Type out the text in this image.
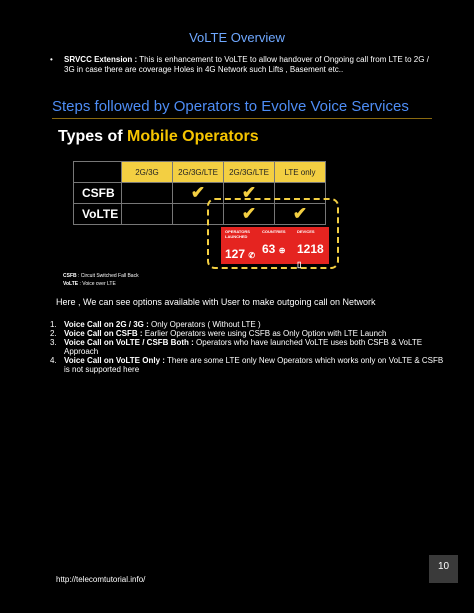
VoLTE Overview
• SRVCC Extension : This is enhancement to VoLTE to allow handover of Ongoing call from LTE to 2G / 3G in case there are coverage Holes in 4G Network such Lifts , Basement etc..
Steps followed by Operators to Evolve Voice Services
Types of Mobile Operators
	2G/3G	2G/3G/LTE	2G/3G/LTE	LTE only
CSFB		✔	✔	
VoLTE			✔	✔
OPERATORS LAUNCHED
127 ✆
COUNTRIES
63 ⊕
DEVICES
1218 ▯
CSFB : Circuit Switched Fall Back
VoLTE : Voice over LTE
Here , We can see options available with User to make outgoing call on Network
1. Voice Call on 2G / 3G : Only Operators ( Without LTE )
2. Voice Call on CSFB : Earlier Operators were using CSFB as Only Option with LTE Launch
3. Voice Call on VoLTE / CSFB Both : Operators who have launched VoLTE uses both CSFB & VoLTE Approach
4. Voice Call on VoLTE Only : There are some LTE only New Operators which works only on VoLTE & CSFB is not supported here
10
http://telecomtutorial.info/
